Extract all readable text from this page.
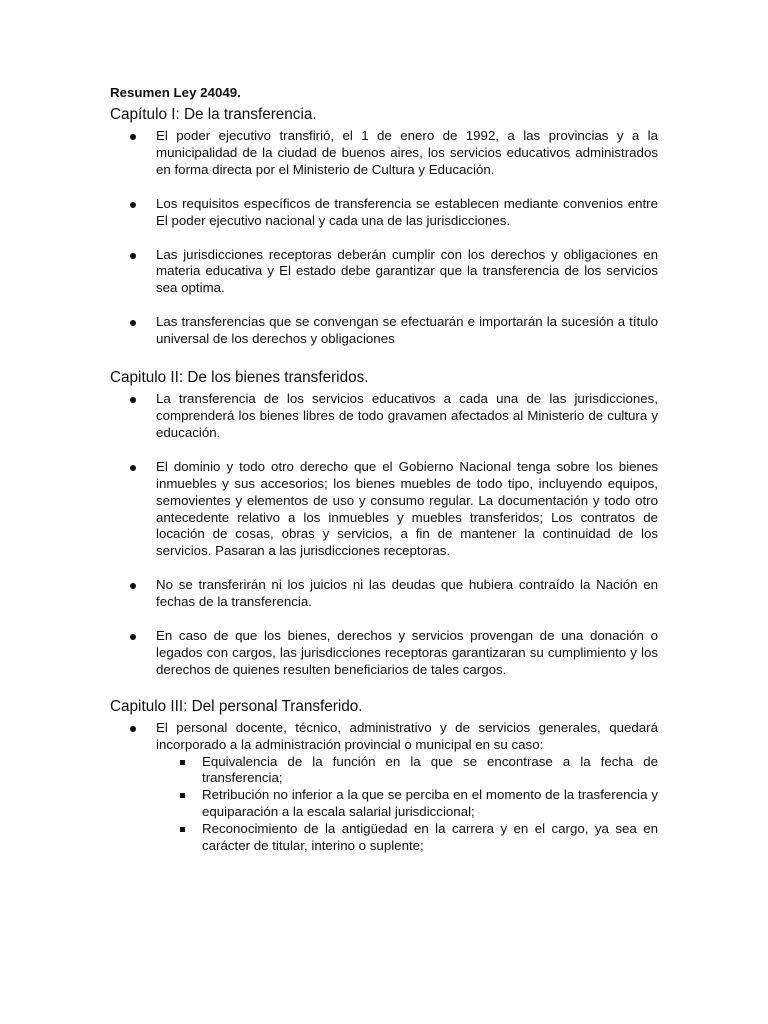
Resumen Ley 24049.
Capítulo I: De la transferencia.
El poder ejecutivo transfirió, el 1 de enero de 1992, a las provincias y a la municipalidad de la ciudad de buenos aires, los servicios educativos administrados en forma directa por el Ministerio de Cultura y Educación.
Los requisitos específicos de transferencia se establecen mediante convenios entre El poder ejecutivo nacional y cada una de las jurisdicciones.
Las jurisdicciones receptoras deberán cumplir con los derechos y obligaciones en materia educativa y El estado debe garantizar que la transferencia de los servicios sea optima.
Las transferencias que se convengan se efectuarán e importarán la sucesión a título universal de los derechos y obligaciones
Capitulo II: De los bienes transferidos.
La transferencia de los servicios educativos a cada una de las jurisdicciones, comprenderá los bienes libres de todo gravamen afectados al Ministerio de cultura y educación.
El dominio y todo otro derecho que el Gobierno Nacional tenga sobre los bienes inmuebles y sus accesorios; los bienes muebles de todo tipo, incluyendo equipos, semovientes y elementos de uso y consumo regular. La documentación y todo otro antecedente relativo a los inmuebles y muebles transferidos; Los contratos de locación de cosas, obras y servicios, a fin de mantener la continuidad de los servicios. Pasaran a las jurisdicciones receptoras.
No se transferirán ni los juicios ni las deudas que hubiera contraído la Nación en fechas de la transferencia.
En caso de que los bienes, derechos y servicios provengan de una donación o legados con cargos, las jurisdicciones receptoras garantizaran su cumplimiento y los derechos de quienes resulten beneficiarios de tales cargos.
Capitulo III: Del personal Transferido.
El personal docente, técnico, administrativo y de servicios generales, quedará incorporado a la administración provincial o municipal en su caso:
Equivalencia de la función en la que se encontrase a la fecha de transferencia;
Retribución no inferior a la que se perciba en el momento de la trasferencia y equiparación a la escala salarial jurisdiccional;
Reconocimiento de la antigüedad en la carrera y en el cargo, ya sea en carácter de titular, interino o suplente;
